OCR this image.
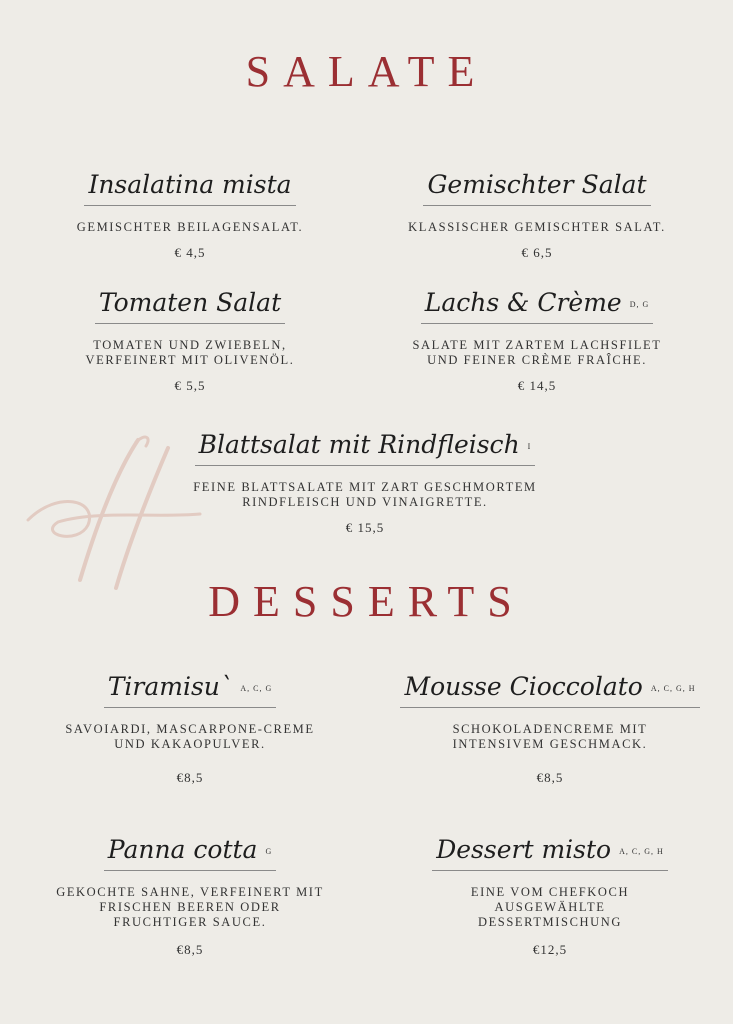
SALATE
Insalatina mista
GEMISCHTER BEILAGENSALAT.
€ 4,5
Gemischter Salat
KLASSISCHER GEMISCHTER SALAT.
€ 6,5
Tomaten Salat
TOMATEN UND ZWIEBELN,
VERFEINERT MIT OLIVENÖL.
€ 5,5
Lachs & Crème D, G
SALATE MIT ZARTEM LACHSFILET
UND FEINER CRÈME FRAÎCHE.
€ 14,5
Blattsalat mit Rindfleisch I
FEINE BLATTSALATE MIT ZART GESCHMORTEM
RINDFLEISCH UND VINAIGRETTE.
€ 15,5
DESSERTS
Tiramisu` A, C, G
SAVOIARDI, MASCARPONE-CREME
UND KAKAOPULVER.
€8,5
Mousse Cioccolato A, C, G, H
SCHOKOLADENCREME MIT
INTENSIVEM GESCHMACK.
€8,5
Panna cotta G
GEKOCHTE SAHNE, VERFEINERT MIT
FRISCHEN BEEREN ODER
FRUCHTIGER SAUCE.
€8,5
Dessert misto A, C, G, H
EINE VOM CHEFKOCH
AUSGEWÄHLTE
DESSERTMISCHUNG
€12,5
